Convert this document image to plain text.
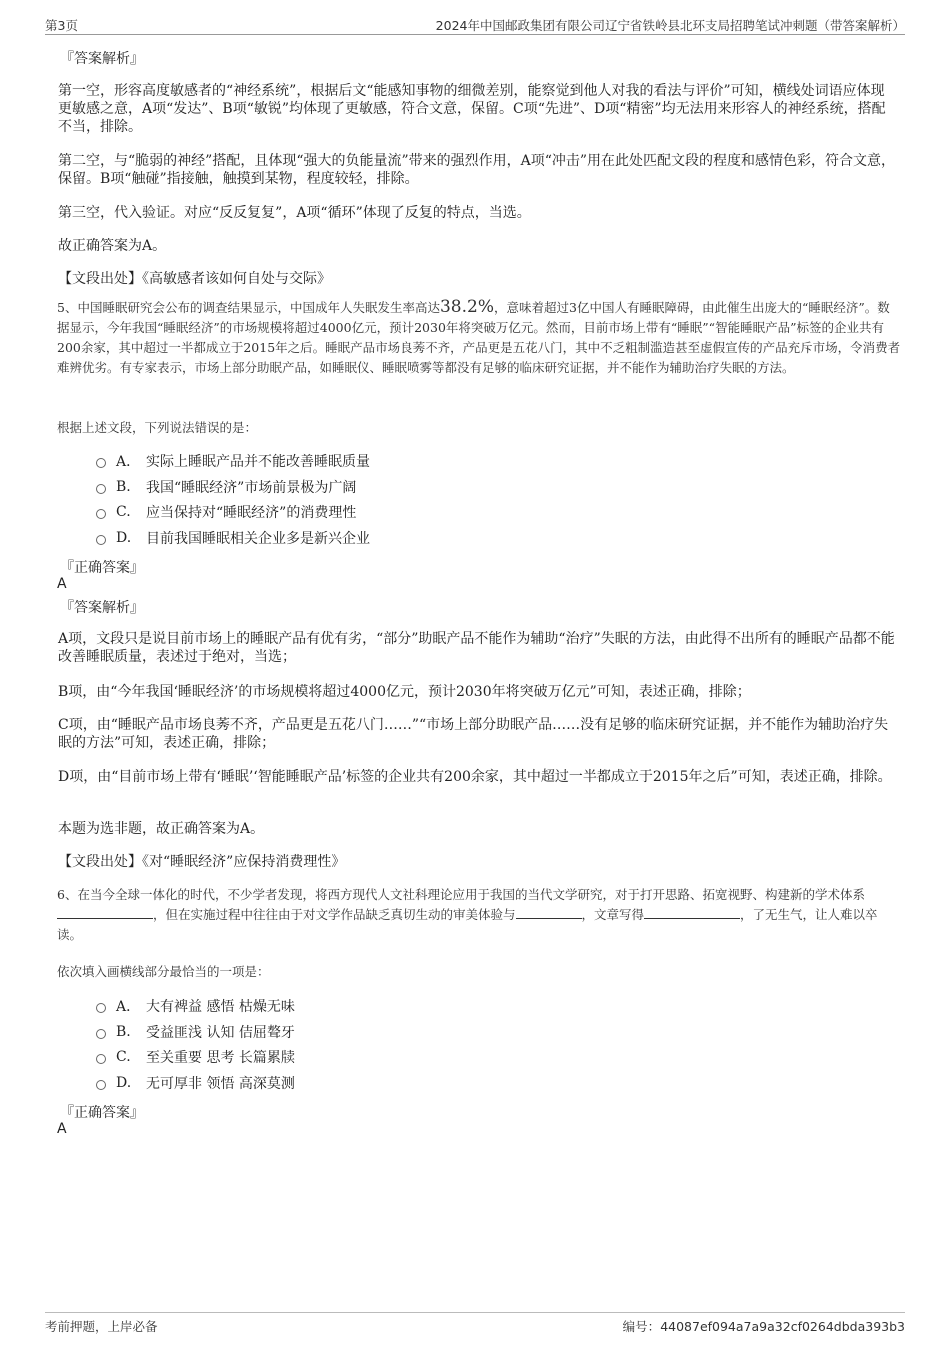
第3页	2024年中国邮政集团有限公司辽宁省铁岭县北环支局招聘笔试冲刺题（带答案解析）
『答案解析』
第一空，形容高度敏感者的“神经系统”，根据后文“能感知事物的细微差别，能察觉到他人对我的看法与评价”可知，横线处词语应体现更敏感之意，A项“发达”、B项“敏锐”均体现了更敏感，符合文意，保留。C项“先进”、D项“精密”均无法用来形容人的神经系统，搭配不当，排除。
第二空，与“脆弱的神经”搭配，且体现“强大的负能量流”带来的强烈作用，A项“冲击”用在此处匹配文段的程度和感情色彩，符合文意，保留。B项“触碰”指接触，触摸到某物，程度较轻，排除。
第三空，代入验证。对应“反反复复”，A项“循环”体现了反复的特点，当选。
故正确答案为A。
【文段出处】《高敏感者该如何自处与交际》
5、中国睡眠研究会公布的调查结果显示，中国成年人失眠发生率高达38.2%，意味着超过3亿中国人有睡眠障碍，由此催生出庞大的“睡眠经济”。数据显示，今年我国“睡眠经济”的市场规模将超过4000亿元，预计2030年将突破万亿元。然而，目前市场上带有“睡眠”“智能睡眠产品”标签的企业共有200余家，其中超过一半都成立于2015年之后。睡眠产品市场良莠不齐，产品更是五花八门，其中不乏粗制滥造甚至虚假宣传的产品充斥市场，令消费者难辨优劣。有专家表示，市场上部分助眠产品，如睡眠仪、睡眠喷雾等都没有足够的临床研究证据，并不能作为辅助治疗失眠的方法。
根据上述文段，下列说法错误的是：
A． 实际上睡眠产品并不能改善睡眠质量
B.	我国“睡眠经济”市场前景极为广阔
C.	应当保持对“睡眠经济”的消费理性
D.	目前我国睡眠相关企业多是新兴企业
『正确答案』
A
『答案解析』
A项，文段只是说目前市场上的睡眠产品有优有劣，“部分”助眠产品不能作为辅助“治疗”失眠的方法，由此得不出所有的睡眠产品都不能改善睡眠质量，表述过于绝对，当选；
B项，由“今年我国‘睡眠经济’的市场规模将超过4000亿元，预计2030年将突破万亿元”可知，表述正确，排除；
C项，由“睡眠产品市场良莠不齐，产品更是五花八门……”“市场上部分助眠产品……没有足够的临床研究证据，并不能作为辅助治疗失眠的方法”可知，表述正确，排除；
D项，由“目前市场上带有‘睡眠’‘智能睡眠产品’标签的企业共有200余家，其中超过一半都成立于2015年之后”可知，表述正确，排除。
本题为选非题，故正确答案为A。
【文段出处】《对“睡眠经济”应保持消费理性》
6、在当今全球一体化的时代，不少学者发现，将西方现代人文社科理论应用于我国的当代文学研究，对于打开思路、拓宽视野、构建新的学术体系，但在实施过程中往往由于对文学作品缺乏真切生动的审美体验与	，文章写得	，了无生气，让人难以卒读。
依次填入画横线部分最恰当的一项是：
A． 大有裨益 感悟 枯燥无味
B.	受益匪浅 认知 佶屈聱牙
C.	至关重要 思考 长篇累牍
D.	无可厚非 领悟 高深莫测
『正确答案』
A
考前押题，上岸必备	编号：44087ef094a7a9a32cf0264dbda393b3
